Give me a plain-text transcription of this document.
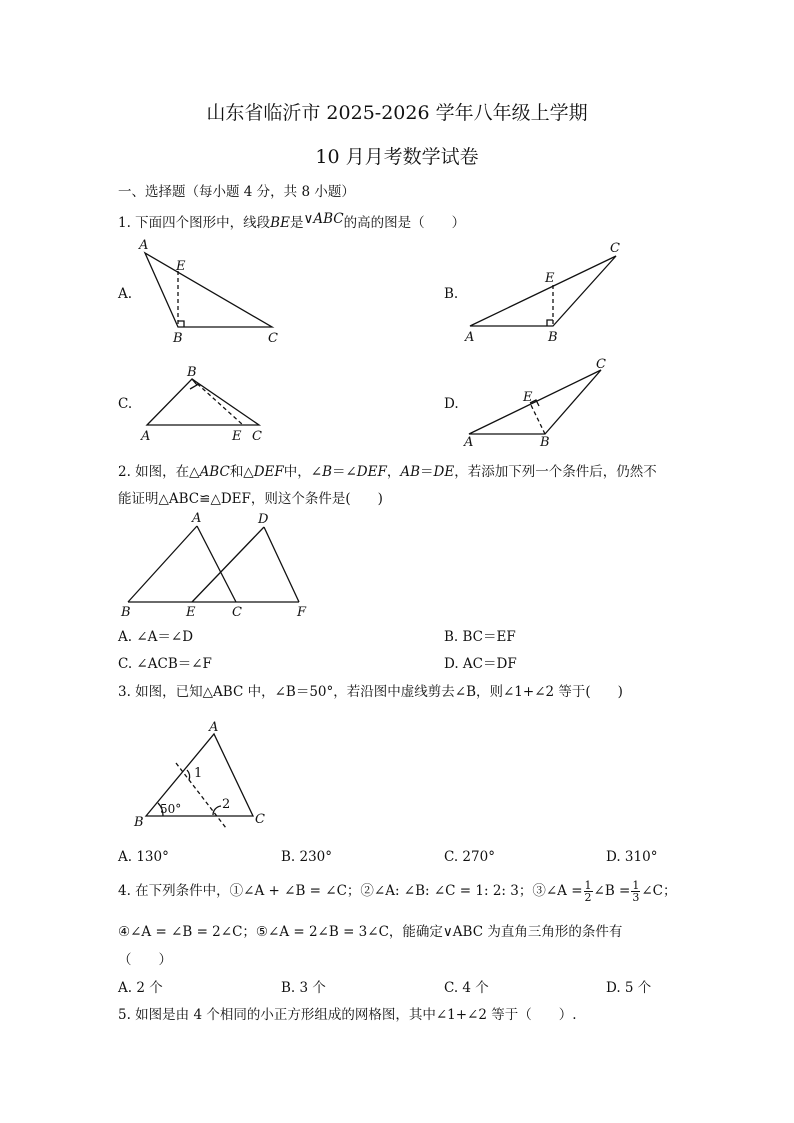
山东省临沂市 2025-2026 学年八年级上学期
10 月月考数学试卷
一、选择题（每小题 4 分，共 8 小题）
1. 下面四个图形中，线段BE是∨ABC的高的图是（　　）
A.	B.
C.	D.
A
E
B	C
C
E
A	B
B
A	E C
C
E
A	B
A	D
B	E	C	F
A
B	C
1
2
50°
2. 如图，在△ABC和△DEF中，∠B＝∠DEF，AB＝DE，若添加下列一个条件后，仍然不
能证明△ABC≌△DEF，则这个条件是(　　)
A. ∠A＝∠D	B. BC＝EF
C. ∠ACB＝∠F	D. AC＝DF
3. 如图，已知△ABC 中，∠B＝50°，若沿图中虚线剪去∠B，则∠1+∠2 等于(　　)
A. 130°	B. 230°	C. 270°	D. 310°
4. 在下列条件中，①∠A + ∠B = ∠C；②∠A: ∠B: ∠C = 1: 2: 3；③∠A = $\frac{1}{2}$ ∠B = $\frac{1}{3}$ ∠C；
④∠A = ∠B = 2∠C；⑤∠A = 2∠B = 3∠C，能确定∨ABC 为直角三角形的条件有
（　　）
A. 2 个	B. 3 个	C. 4 个	D. 5 个
5. 如图是由 4 个相同的小正方形组成的网格图，其中∠1+∠2 等于（　　）.
